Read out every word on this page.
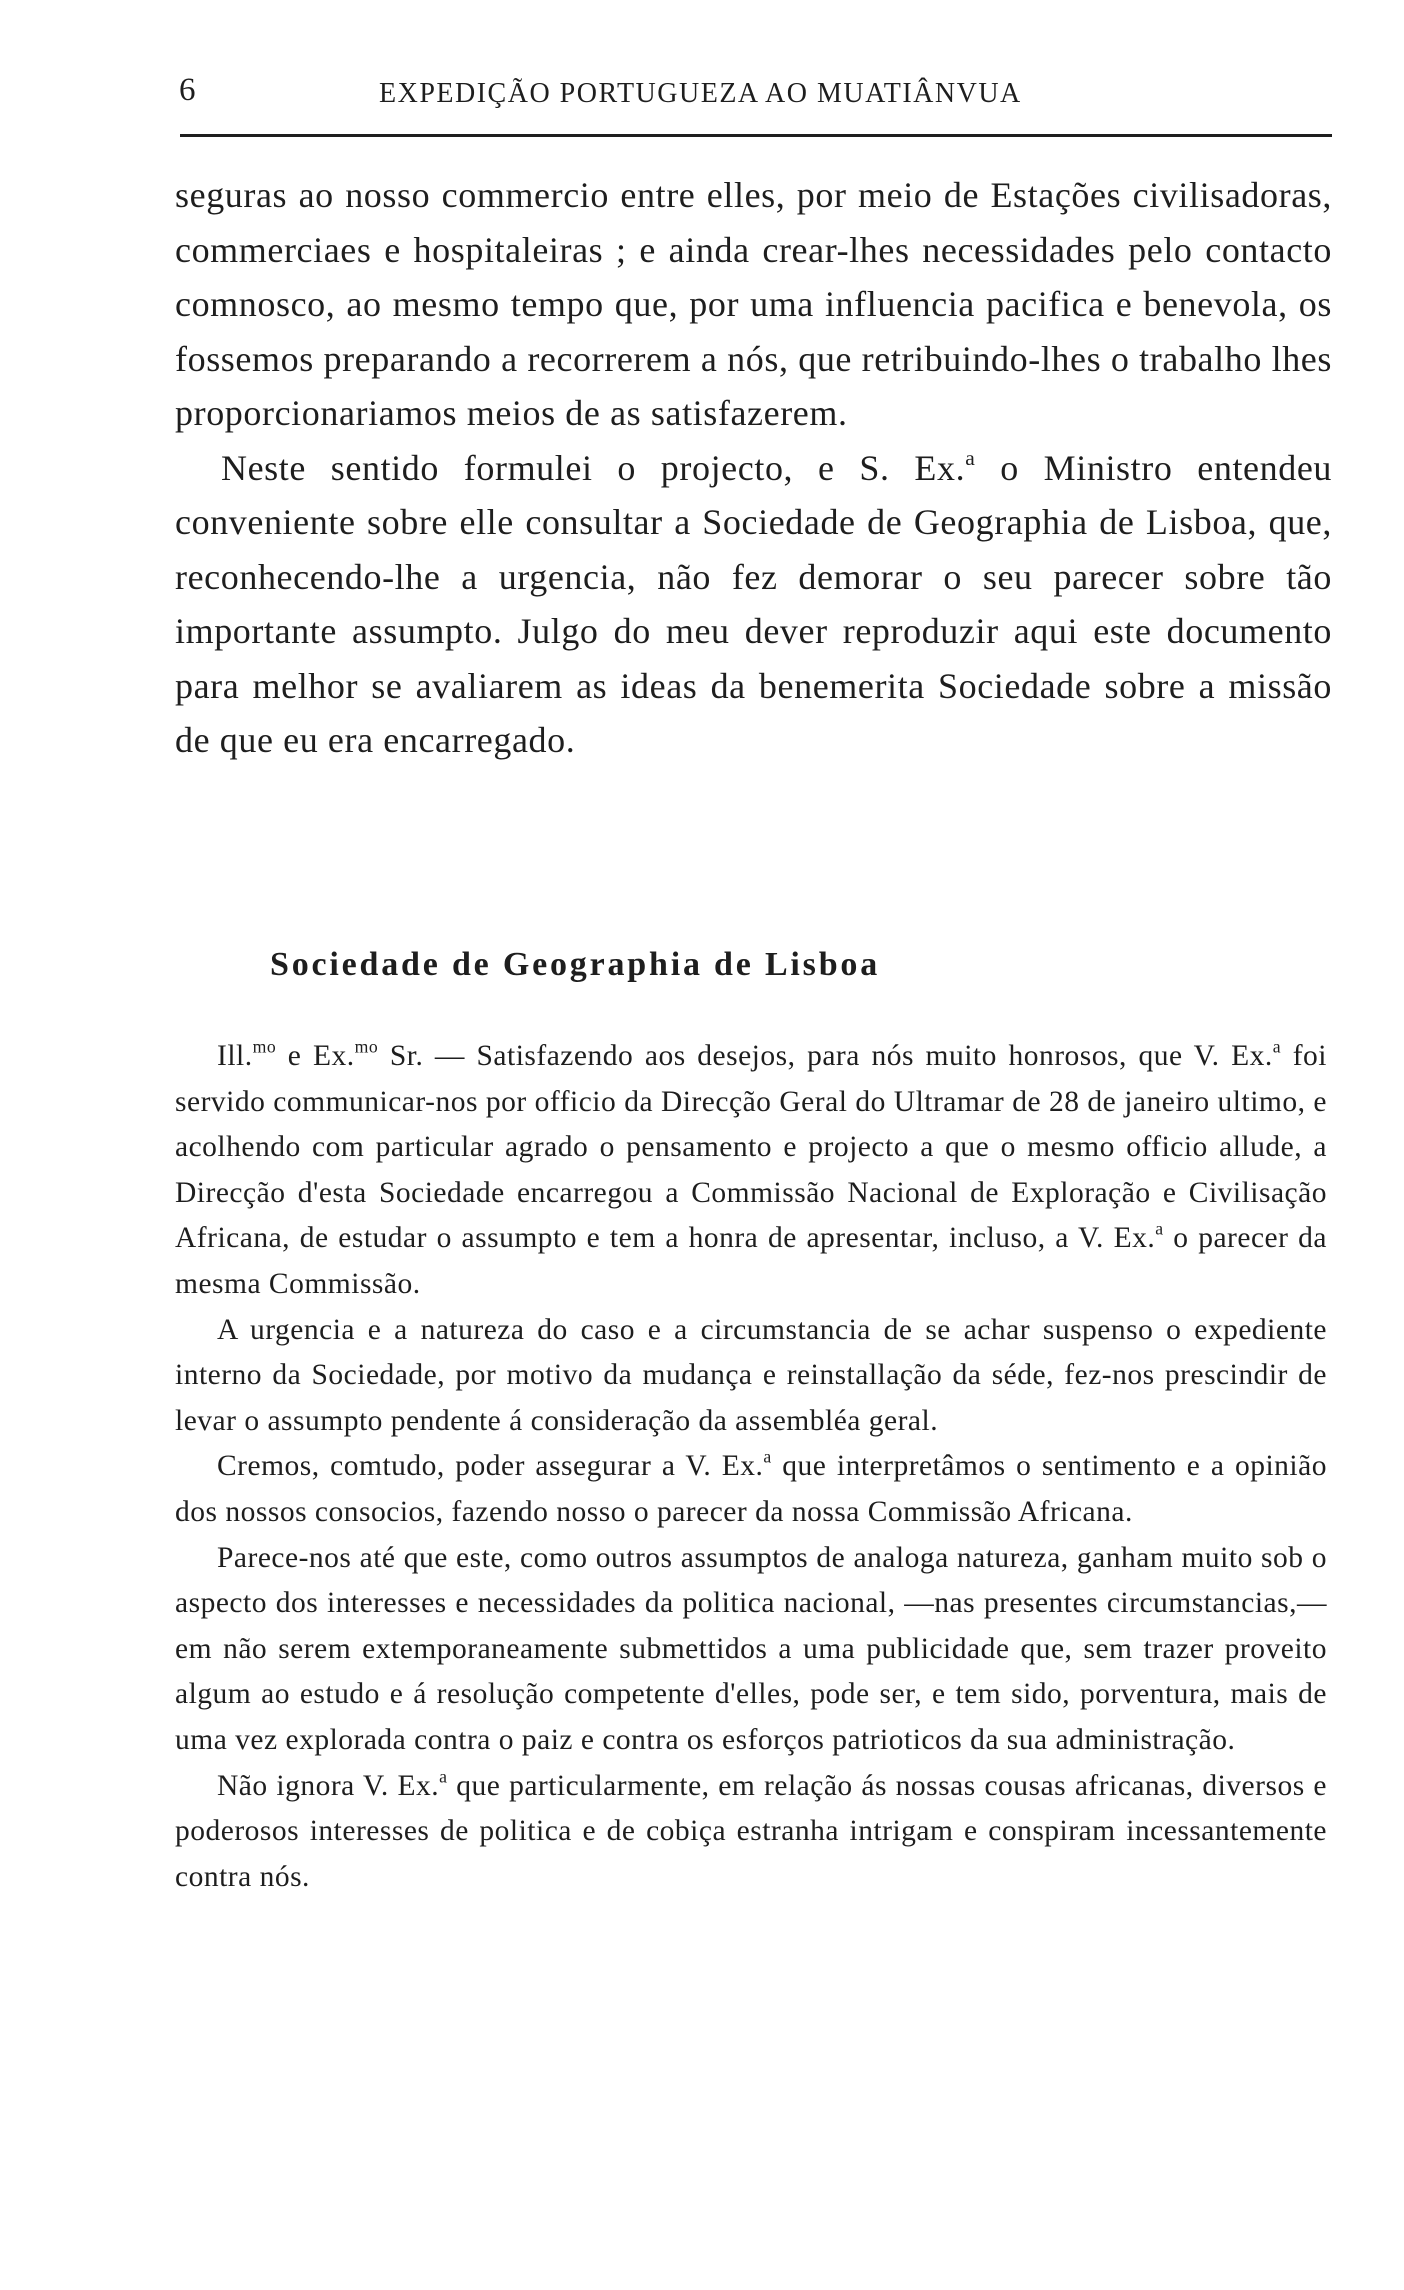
6	EXPEDIÇÃO PORTUGUEZA AO MUATIÂNVUA

seguras ao nosso commercio entre elles, por meio de Estações civilisadoras, commerciaes e hospitaleiras ; e ainda crear-lhes necessidades pelo contacto comnosco, ao mesmo tempo que, por uma influencia pacifica e benevola, os fossemos preparando a recorrerem a nós, que retribuindo-lhes o trabalho lhes proporcionariamos meios de as satisfazerem.

Neste sentido formulei o projecto, e S. Ex.$^a$ o Ministro entendeu conveniente sobre elle consultar a Sociedade de Geographia de Lisboa, que, reconhecendo-lhe a urgencia, não fez demorar o seu parecer sobre tão importante assumpto. Julgo do meu dever reproduzir aqui este documento para melhor se avaliarem as ideas da benemerita Sociedade sobre a missão de que eu era encarregado.

Sociedade de Geographia de Lisboa

Ill.$^{mo}$ e Ex.$^{mo}$ Sr. — Satisfazendo aos desejos, para nós muito honrosos, que V. Ex.$^a$ foi servido communicar-nos por officio da Direcção Geral do Ultramar de 28 de janeiro ultimo, e acolhendo com particular agrado o pensamento e projecto a que o mesmo officio allude, a Direcção d'esta Sociedade encarregou a Commissão Nacional de Exploração e Civilisação Africana, de estudar o assumpto e tem a honra de apresentar, incluso, a V. Ex.$^a$ o parecer da mesma Commissão.

A urgencia e a natureza do caso e a circumstancia de se achar suspenso o expediente interno da Sociedade, por motivo da mudança e reinstallação da séde, fez-nos prescindir de levar o assumpto pendente á consideração da assembléa geral.

Cremos, comtudo, poder assegurar a V. Ex.$^a$ que interpretâmos o sentimento e a opinião dos nossos consocios, fazendo nosso o parecer da nossa Commissão Africana.

Parece-nos até que este, como outros assumptos de analoga natureza, ganham muito sob o aspecto dos interesses e necessidades da politica nacional, —nas presentes circumstancias,— em não serem extemporaneamente submettidos a uma publicidade que, sem trazer proveito algum ao estudo e á resolução competente d'elles, pode ser, e tem sido, porventura, mais de uma vez explorada contra o paiz e contra os esforços patrioticos da sua administração.

Não ignora V. Ex.$^a$ que particularmente, em relação ás nossas cousas africanas, diversos e poderosos interesses de politica e de cobiça estranha intrigam e conspiram incessantemente contra nós.
